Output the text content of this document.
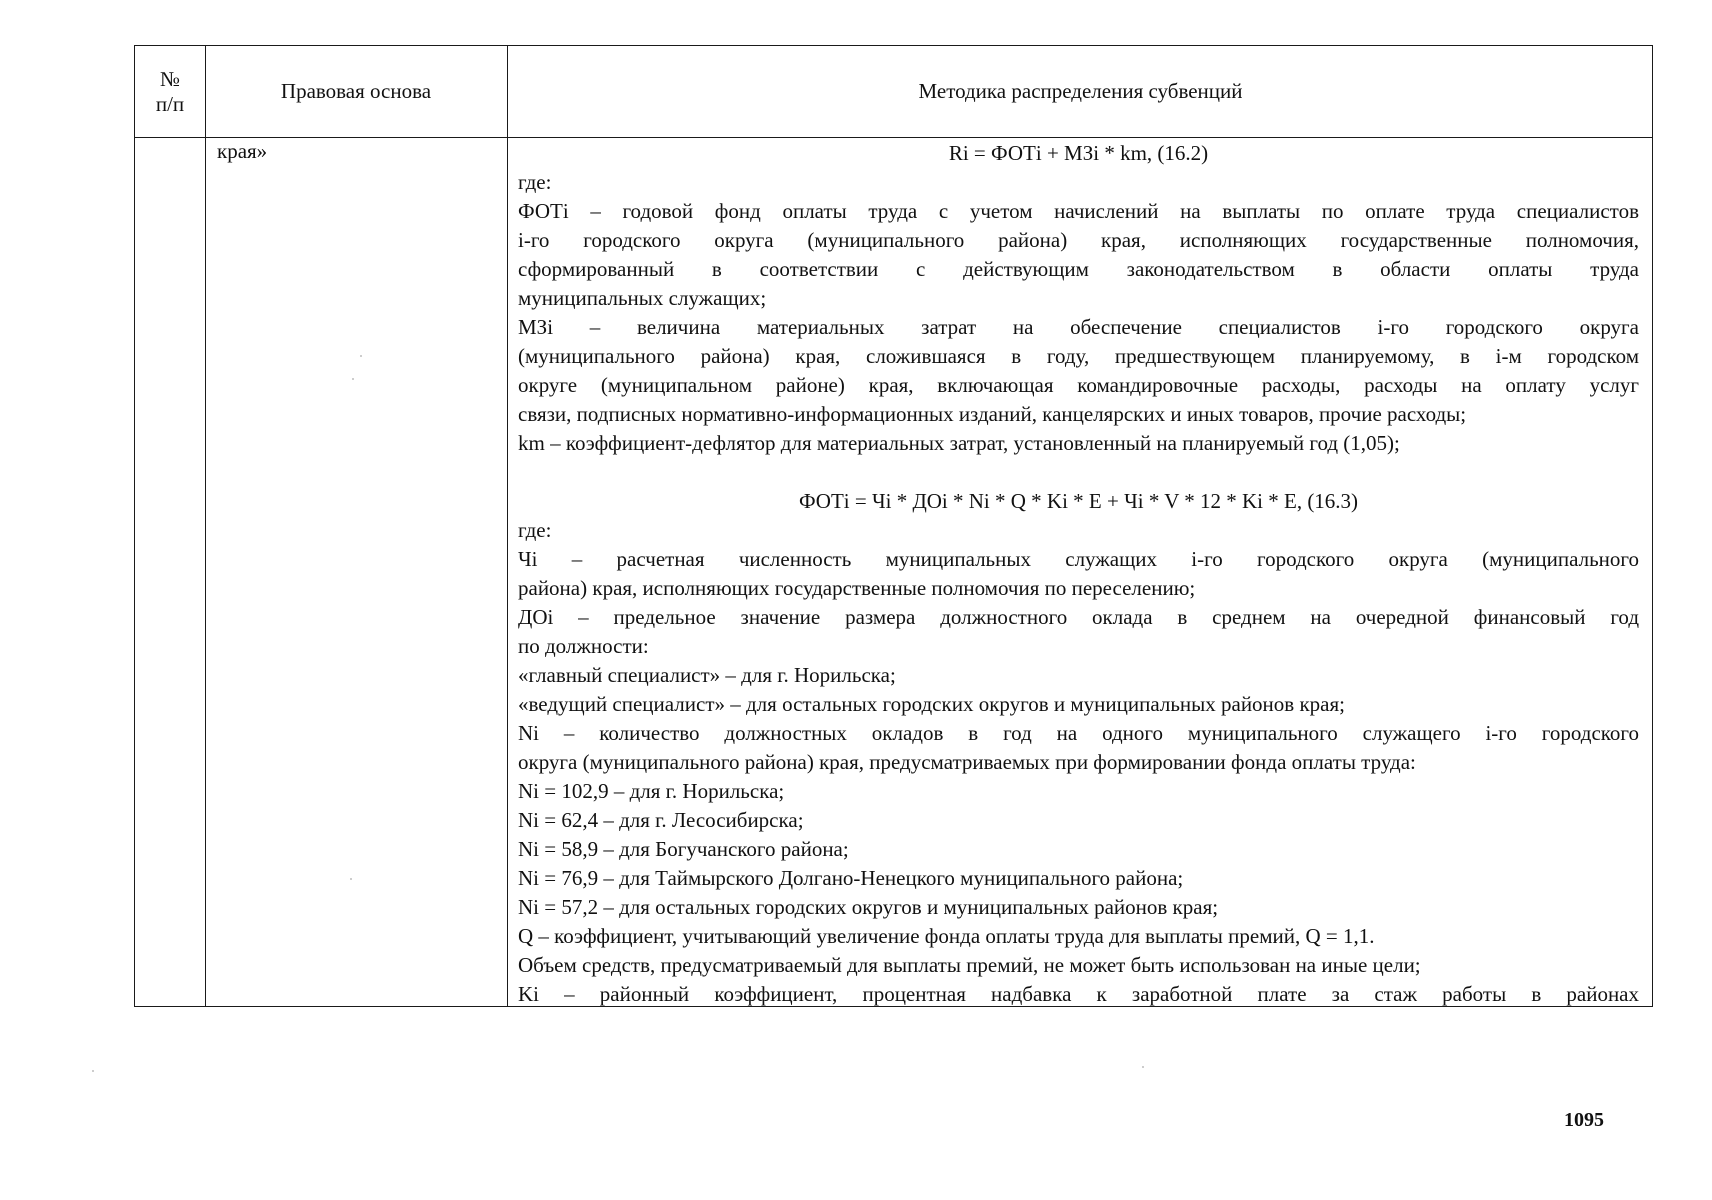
№
п/п
Правовая основа	Методика распределения субвенций
края»	Ri = ФОТi + МЗi * km, (16.2)
где:
ФОТi – годовой фонд оплаты труда с учетом начислений на выплаты по оплате труда специалистов
i-го городского округа (муниципального района) края, исполняющих государственные полномочия,
сформированный в соответствии с действующим законодательством в области оплаты труда
муниципальных служащих;
МЗi – величина материальных затрат на обеспечение специалистов i-го городского округа
(муниципального района) края, сложившаяся в году, предшествующем планируемому, в i-м городском
округе (муниципальном районе) края, включающая командировочные расходы, расходы на оплату услуг
связи, подписных нормативно-информационных изданий, канцелярских и иных товаров, прочие расходы;
km – коэффициент-дефлятор для материальных затрат, установленный на планируемый год (1,05);
ФОТi = Чi * ДОi * Ni * Q * Ki * E + Чi * V * 12 * Ki * E, (16.3)
где:
Чi – расчетная численность муниципальных служащих i-го городского округа (муниципального
района) края, исполняющих государственные полномочия по переселению;
ДОi – предельное значение размера должностного оклада в среднем на очередной финансовый год
по должности:
«главный специалист» – для г. Норильска;
«ведущий специалист» – для остальных городских округов и муниципальных районов края;
Ni – количество должностных окладов в год на одного муниципального служащего i-го городского
округа (муниципального района) края, предусматриваемых при формировании фонда оплаты труда:
Ni = 102,9 – для г. Норильска;
Ni = 62,4 – для г. Лесосибирска;
Ni = 58,9 – для Богучанского района;
Ni = 76,9 – для Таймырского Долгано-Ненецкого муниципального района;
Ni = 57,2 – для остальных городских округов и муниципальных районов края;
Q – коэффициент, учитывающий увеличение фонда оплаты труда для выплаты премий, Q = 1,1.
Объем средств, предусматриваемый для выплаты премий, не может быть использован на иные цели;
Ki – районный коэффициент, процентная надбавка к заработной плате за стаж работы в районах
1095
